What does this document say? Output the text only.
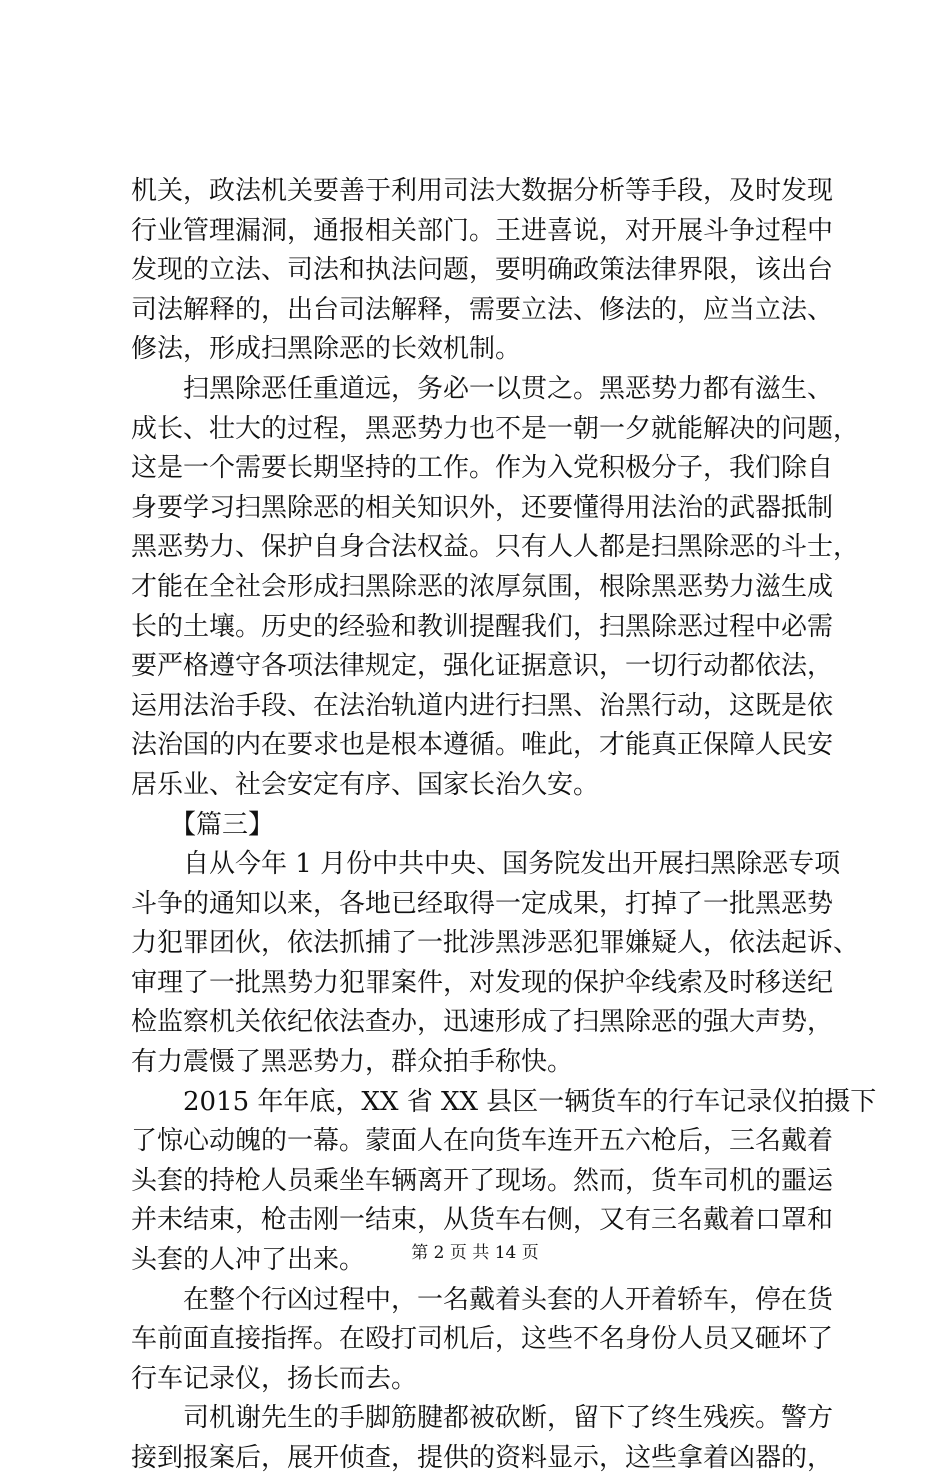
机关，政法机关要善于利用司法大数据分析等手段，及时发现
行业管理漏洞，通报相关部门。王进喜说，对开展斗争过程中
发现的立法、司法和执法问题，要明确政策法律界限，该出台
司法解释的，出台司法解释，需要立法、修法的，应当立法、
修法，形成扫黑除恶的长效机制。
　　扫黑除恶任重道远，务必一以贯之。黑恶势力都有滋生、
成长、壮大的过程，黑恶势力也不是一朝一夕就能解决的问题，
这是一个需要长期坚持的工作。作为入党积极分子，我们除自
身要学习扫黑除恶的相关知识外，还要懂得用法治的武器抵制
黑恶势力、保护自身合法权益。只有人人都是扫黑除恶的斗士，
才能在全社会形成扫黑除恶的浓厚氛围，根除黑恶势力滋生成
长的土壤。历史的经验和教训提醒我们，扫黑除恶过程中必需
要严格遵守各项法律规定，强化证据意识，一切行动都依法，
运用法治手段、在法治轨道内进行扫黑、治黑行动，这既是依
法治国的内在要求也是根本遵循。唯此，才能真正保障人民安
居乐业、社会安定有序、国家长治久安。
　　【篇三】
　　自从今年 1 月份中共中央、国务院发出开展扫黑除恶专项
斗争的通知以来，各地已经取得一定成果，打掉了一批黑恶势
力犯罪团伙，依法抓捕了一批涉黑涉恶犯罪嫌疑人，依法起诉、
审理了一批黑势力犯罪案件，对发现的保护伞线索及时移送纪
检监察机关依纪依法查办，迅速形成了扫黑除恶的强大声势，
有力震慑了黑恶势力，群众拍手称快。
　　2015 年年底，XX 省 XX 县区一辆货车的行车记录仪拍摄下
了惊心动魄的一幕。蒙面人在向货车连开五六枪后，三名戴着
头套的持枪人员乘坐车辆离开了现场。然而，货车司机的噩运
并未结束，枪击刚一结束，从货车右侧，又有三名戴着口罩和
头套的人冲了出来。
　　在整个行凶过程中，一名戴着头套的人开着轿车，停在货
车前面直接指挥。在殴打司机后，这些不名身份人员又砸坏了
行车记录仪，扬长而去。
　　司机谢先生的手脚筋腱都被砍断，留下了终生残疾。警方
接到报案后，展开侦查，提供的资料显示，这些拿着凶器的，
第 2 页 共 14 页
